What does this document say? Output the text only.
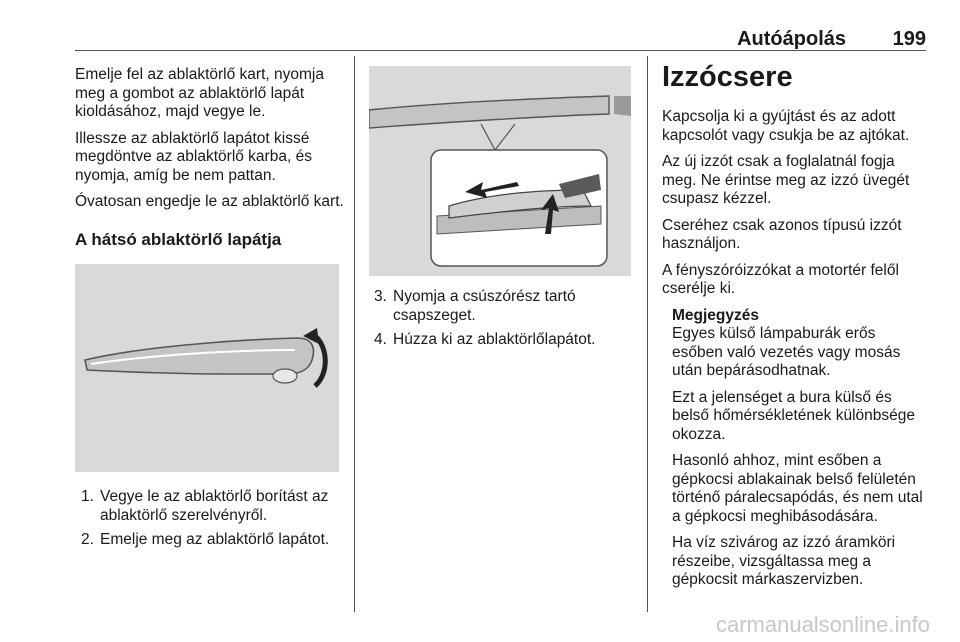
Autóápolás 199

Emelje fel az ablaktörlő kart, nyomja meg a gombot az ablaktörlő lapát kioldásához, majd vegye le.

Illessze az ablaktörlő lapátot kissé megdöntve az ablaktörlő karba, és nyomja, amíg be nem pattan.

Óvatosan engedje le az ablaktörlő kart.

A hátsó ablaktörlő lapátja
1. Vegye le az ablaktörlő borítást az ablaktörlő szerelvényről.
2. Emelje meg az ablaktörlő lapátot.
3. Nyomja a csúszórész tartó csapszeget.
4. Húzza ki az ablaktörlőlapátot.
Izzócsere

Kapcsolja ki a gyújtást és az adott kapcsolót vagy csukja be az ajtókat.

Az új izzót csak a foglalatnál fogja meg. Ne érintse meg az izzó üvegét csupasz kézzel.

Cseréhez csak azonos típusú izzót használjon.

A fényszóróizzókat a motortér felől cserélje ki.

Megjegyzés

Egyes külső lámpaburák erős esőben való vezetés vagy mosás után bepárásodhatnak.

Ezt a jelenséget a bura külső és belső hőmérsékletének különbsége okozza.

Hasonló ahhoz, mint esőben a gépkocsi ablakainak belső felületén történő páralecsapódás, és nem utal a gépkocsi meghibásodására.

Ha víz szivárog az izzó áramköri részeibe, vizsgáltassa meg a gépkocsit márkaszervizben.

carmanualsonline.info
